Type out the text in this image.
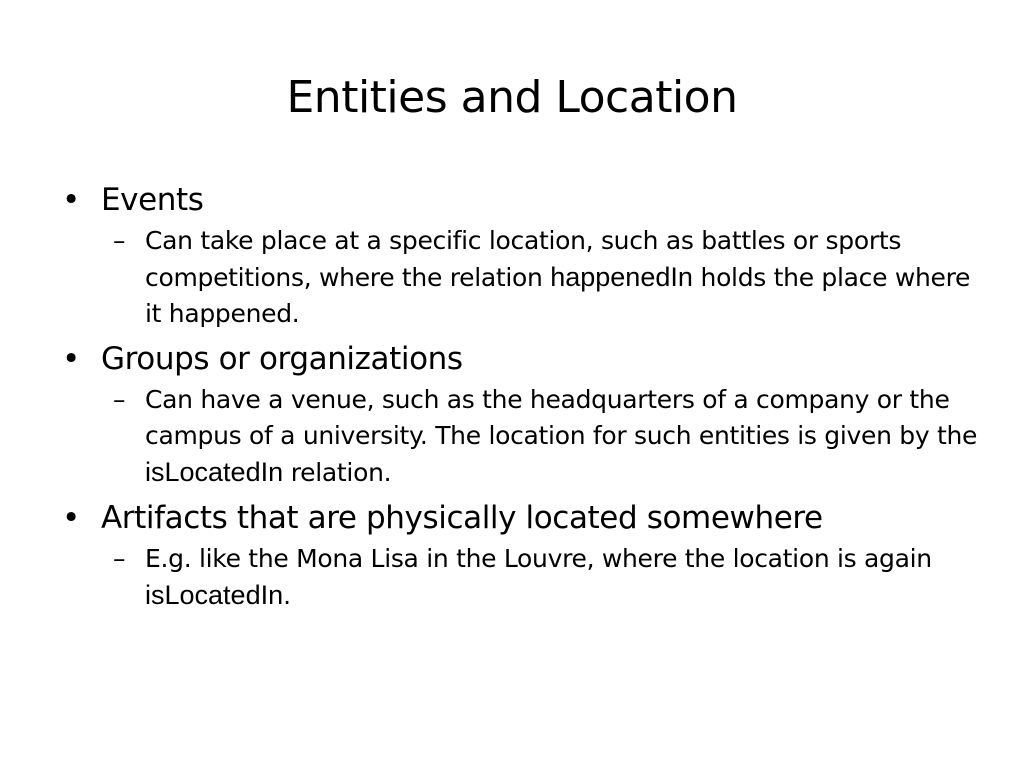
Entities and Location
• Events
– Can take place at a specific location, such as battles or sports competitions, where the relation happenedIn holds the place where it happened.
• Groups or organizations
– Can have a venue, such as the headquarters of a company or the campus of a university. The location for such entities is given by the isLocatedIn relation.
• Artifacts that are physically located somewhere
– E.g. like the Mona Lisa in the Louvre, where the location is again isLocatedIn.
